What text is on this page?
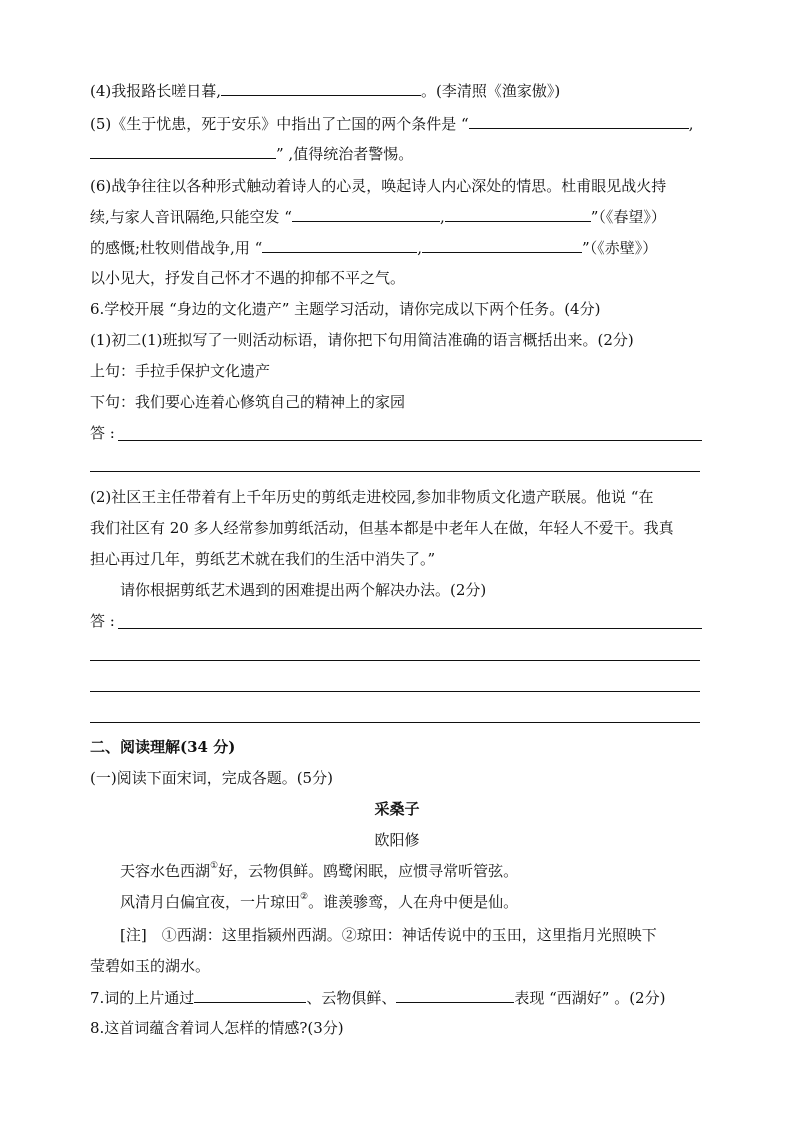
(4)我报路长嗟日暮,	。(李清照《渔家傲》)
(5)《生于忧患，死于安乐》中指出了亡国的两个条件是 “	,
” ,值得统治者警惕。
(6)战争往往以各种形式触动着诗人的心灵，唤起诗人内心深处的情思。杜甫眼见战火持
续,与家人音讯隔绝,只能空发 “	,	”（《春望》）
的感慨;杜牧则借战争,用 “	,	”（《赤壁》）
以小见大，抒发自己怀才不遇的抑郁不平之气。
6.学校开展 “身边的文化遗产” 主题学习活动，请你完成以下两个任务。(4分)
(1)初二(1)班拟写了一则活动标语，请你把下句用简洁准确的语言概括出来。(2分)
上句：手拉手保护文化遗产
下句：我们要心连着心修筑自己的精神上的家园
答 :
(2)社区王主任带着有上千年历史的剪纸走进校园,参加非物质文化遗产联展。他说 “在
我们社区有 20 多人经常参加剪纸活动，但基本都是中老年人在做，年轻人不爱干。我真
担心再过几年，剪纸艺术就在我们的生活中消失了。”
请你根据剪纸艺术遇到的困难提出两个解决办法。(2分)
答 :
二、阅读理解(34 分)
(一)阅读下面宋词，完成各题。(5分)
采桑子
欧阳修
天容水色西湖①好，云物俱鲜。鸥鹭闲眠，应惯寻常听管弦。
风清月白偏宜夜，一片琼田②。谁羡骖鸾，人在舟中便是仙。
[注]　①西湖：这里指颍州西湖。②琼田：神话传说中的玉田，这里指月光照映下
莹碧如玉的湖水。
7.词的上片通过	、云物俱鲜、	表现 “西湖好” 。(2分)
8.这首词蕴含着词人怎样的情感?(3分)
